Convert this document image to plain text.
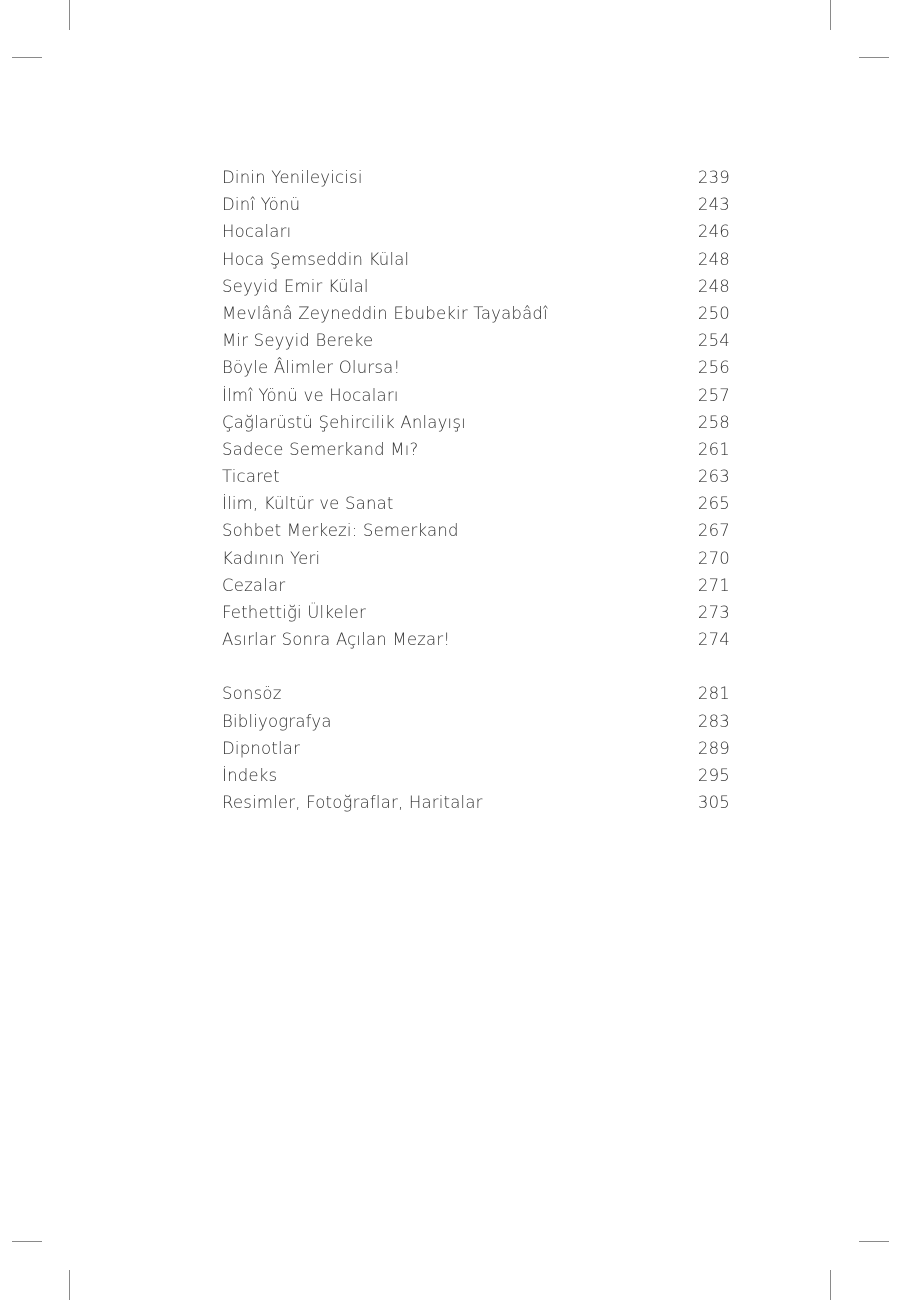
Dinin Yenileyicisi	239
Dinî Yönü	243
Hocaları	246
Hoca Şemseddin Külal	248
Seyyid Emir Külal	248
Mevlânâ Zeyneddin Ebubekir Tayabâdî	250
Mir Seyyid Bereke	254
Böyle Âlimler Olursa!	256
İlmî Yönü ve Hocaları	257
Çağlarüstü Şehircilik Anlayışı	258
Sadece Semerkand Mı?	261
Ticaret	263
İlim, Kültür ve Sanat	265
Sohbet Merkezi: Semerkand	267
Kadının Yeri	270
Cezalar	271
Fethettiği Ülkeler	273
Asırlar Sonra Açılan Mezar!	274
Sonsöz	281
Bibliyografya	283
Dipnotlar	289
İndeks	295
Resimler, Fotoğraflar, Haritalar	305
